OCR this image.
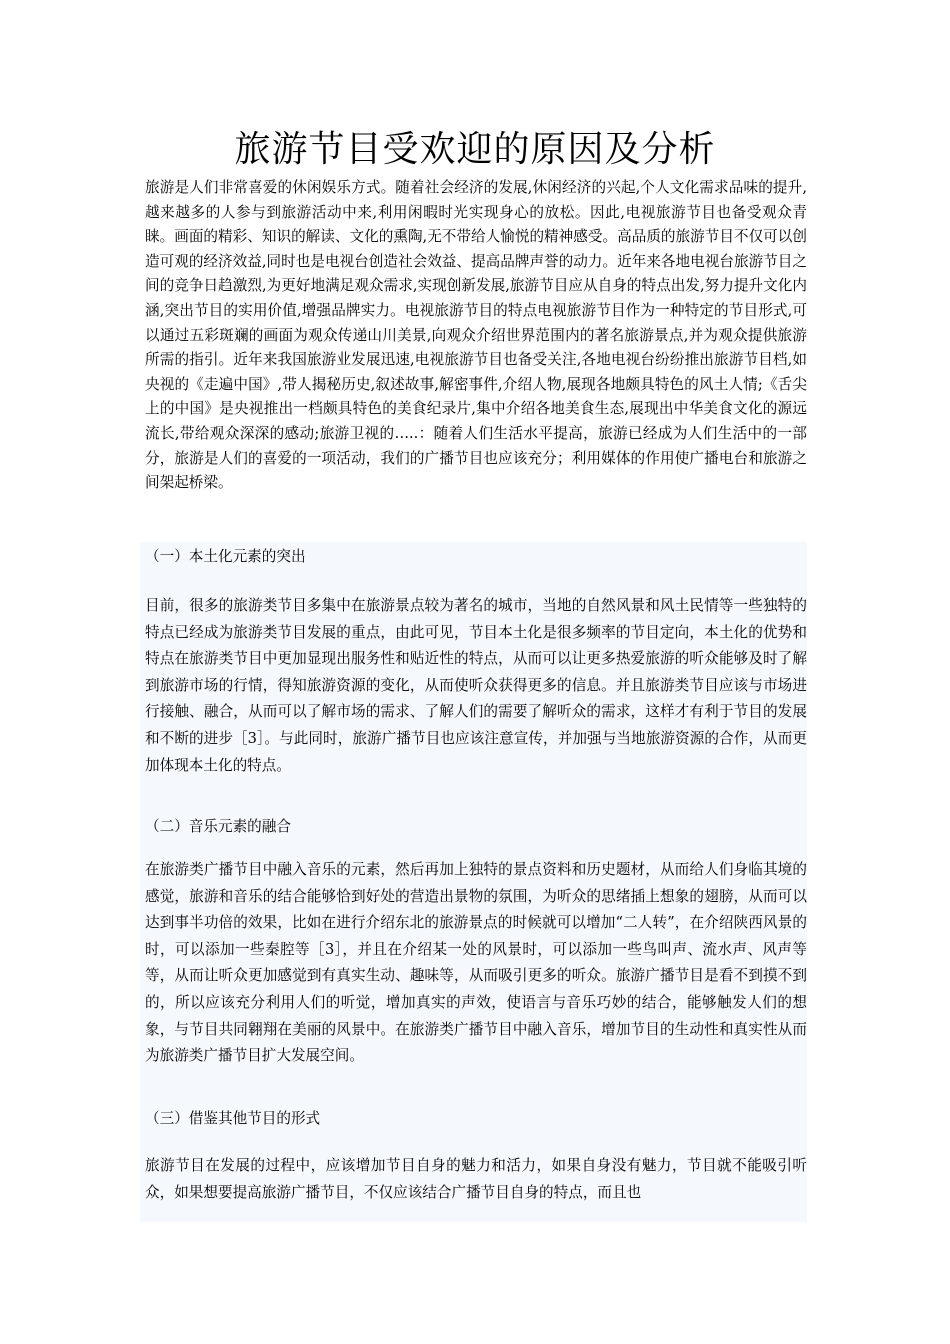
旅游节目受欢迎的原因及分析

旅游是人们非常喜爱的休闲娱乐方式。随着社会经济的发展,休闲经济的兴起,个人文化需求品味的提升,越来越多的人参与到旅游活动中来,利用闲暇时光实现身心的放松。因此,电视旅游节目也备受观众青睐。画面的精彩、知识的解读、文化的熏陶,无不带给人愉悦的精神感受。高品质的旅游节目不仅可以创造可观的经济效益,同时也是电视台创造社会效益、提高品牌声誉的动力。近年来各地电视台旅游节目之间的竞争日趋激烈,为更好地满足观众需求,实现创新发展,旅游节目应从自身的特点出发,努力提升文化内涵,突出节目的实用价值,增强品牌实力。电视旅游节目的特点电视旅游节目作为一种特定的节目形式,可以通过五彩斑斓的画面为观众传递山川美景,向观众介绍世界范围内的著名旅游景点,并为观众提供旅游所需的指引。近年来我国旅游业发展迅速,电视旅游节目也备受关注,各地电视台纷纷推出旅游节目档,如央视的《走遍中国》,带人揭秘历史,叙述故事,解密事件,介绍人物,展现各地颇具特色的风土人情;《舌尖上的中国》是央视推出一档颇具特色的美食纪录片,集中介绍各地美食生态,展现出中华美食文化的源远流长,带给观众深深的感动;旅游卫视的…..：随着人们生活水平提高，旅游已经成为人们生活中的一部分，旅游是人们的喜爱的一项活动，我们的广播节目也应该充分；利用媒体的作用使广播电台和旅游之间架起桥梁。

（一）本土化元素的突出

目前，很多的旅游类节目多集中在旅游景点较为著名的城市，当地的自然风景和风土民情等一些独特的特点已经成为旅游类节目发展的重点，由此可见，节目本土化是很多频率的节目定向，本土化的优势和特点在旅游类节目中更加显现出服务性和贴近性的特点，从而可以让更多热爱旅游的听众能够及时了解到旅游市场的行情，得知旅游资源的变化，从而使听众获得更多的信息。并且旅游类节目应该与市场进行接触、融合，从而可以了解市场的需求、了解人们的需要了解听众的需求，这样才有利于节目的发展和不断的进步［3］。与此同时，旅游广播节目也应该注意宣传，并加强与当地旅游资源的合作，从而更加体现本土化的特点。

（二）音乐元素的融合

在旅游类广播节目中融入音乐的元素，然后再加上独特的景点资料和历史题材，从而给人们身临其境的感觉，旅游和音乐的结合能够恰到好处的营造出景物的氛围，为听众的思绪插上想象的翅膀，从而可以达到事半功倍的效果，比如在进行介绍东北的旅游景点的时候就可以增加“二人转”，在介绍陕西风景的时，可以添加一些秦腔等［3］，并且在介绍某一处的风景时，可以添加一些鸟叫声、流水声、风声等等，从而让听众更加感觉到有真实生动、趣味等，从而吸引更多的听众。旅游广播节目是看不到摸不到的，所以应该充分利用人们的听觉，增加真实的声效，使语言与音乐巧妙的结合，能够触发人们的想象，与节目共同翱翔在美丽的风景中。在旅游类广播节目中融入音乐，增加节目的生动性和真实性从而为旅游类广播节目扩大发展空间。

（三）借鉴其他节目的形式

旅游节目在发展的过程中，应该增加节目自身的魅力和活力，如果自身没有魅力，节目就不能吸引听众，如果想要提高旅游广播节目，不仅应该结合广播节目自身的特点，而且也
